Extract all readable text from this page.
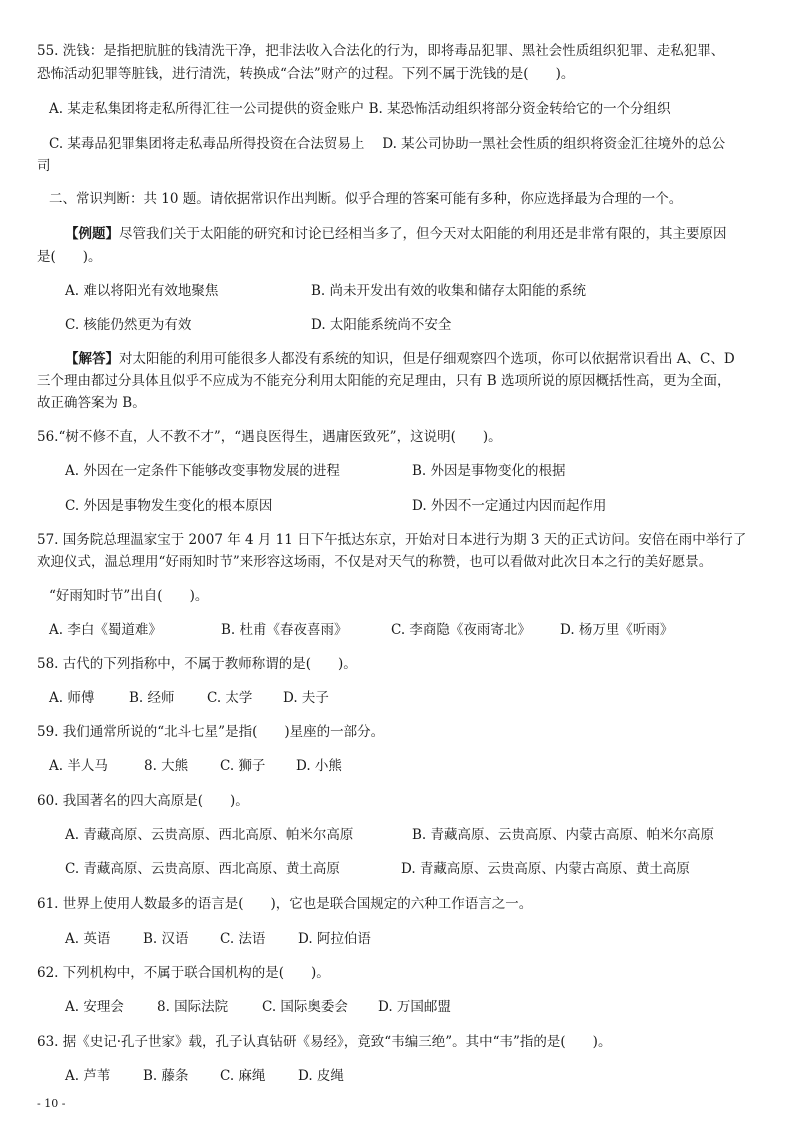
55. 洗钱：是指把肮脏的钱清洗干净，把非法收入合法化的行为，即将毒品犯罪、黑社会性质组织犯罪、走私犯罪、
恐怖活动犯罪等脏钱，进行清洗，转换成“合法”财产的过程。下列不属于洗钱的是(　　)。
A. 某走私集团将走私所得汇往一公司提供的资金账户 B. 某恐怖活动组织将部分资金转给它的一个分组织
C. 某毒品犯罪集团将走私毒品所得投资在合法贸易上　 D. 某公司协助一黑社会性质的组织将资金汇往境外的总公
司
二、常识判断：共 10 题。请依据常识作出判断。似乎合理的答案可能有多种，你应选择最为合理的一个。
【例题】尽管我们关于太阳能的研究和讨论已经相当多了，但今天对太阳能的利用还是非常有限的，其主要原因
是(　　)。
A. 难以将阳光有效地聚焦	B. 尚未开发出有效的收集和储存太阳能的系统
C. 核能仍然更为有效	D. 太阳能系统尚不安全
【解答】对太阳能的利用可能很多人都没有系统的知识，但是仔细观察四个选项，你可以依据常识看出 A、C、D
三个理由都过分具体且似乎不应成为不能充分利用太阳能的充足理由，只有 B 选项所说的原因概括性高，更为全面，
故正确答案为 B。
56.“树不修不直，人不教不才”，“遇良医得生，遇庸医致死”，这说明(　　)。
A. 外因在一定条件下能够改变事物发展的进程	B. 外因是事物变化的根据
C. 外因是事物发生变化的根本原因	D. 外因不一定通过内因而起作用
57. 国务院总理温家宝于 2007 年 4 月 11 日下午抵达东京，开始对日本进行为期 3 天的正式访问。安倍在雨中举行了
欢迎仪式，温总理用“好雨知时节”来形容这场雨，不仅是对天气的称赞，也可以看做对此次日本之行的美好愿景。
“好雨知时节”出自(　　)。
A. 李白《蜀道难》	B. 杜甫《春夜喜雨》	C. 李商隐《夜雨寄北》 D. 杨万里《听雨》
58. 古代的下列指称中，不属于教师称谓的是(　　)。
A. 师傅	B. 经师 C. 太学 D. 夫子
59. 我们通常所说的“北斗七星”是指(　　)星座的一部分。
A. 半人马	8. 大熊 C. 狮子 D. 小熊
60. 我国著名的四大高原是(　　)。
A. 青藏高原、云贵高原、西北高原、帕米尔高原	B. 青藏高原、云贵高原、内蒙古高原、帕米尔高原
C. 青藏高原、云贵高原、西北高原、黄土高原	D. 青藏高原、云贵高原、内蒙古高原、黄土高原
61. 世界上使用人数最多的语言是(　　)，它也是联合国规定的六种工作语言之一。
A. 英语 B. 汉语 C. 法语 D. 阿拉伯语
62. 下列机构中，不属于联合国机构的是(　　)。
A. 安理会 8. 国际法院	C. 国际奥委会 D. 万国邮盟
63. 据《史记·孔子世家》载，孔子认真钻研《易经》，竟致“韦编三绝”。其中“韦”指的是(　　)。
A. 芦苇 B. 藤条 C. 麻绳 D. 皮绳
- 10 -
